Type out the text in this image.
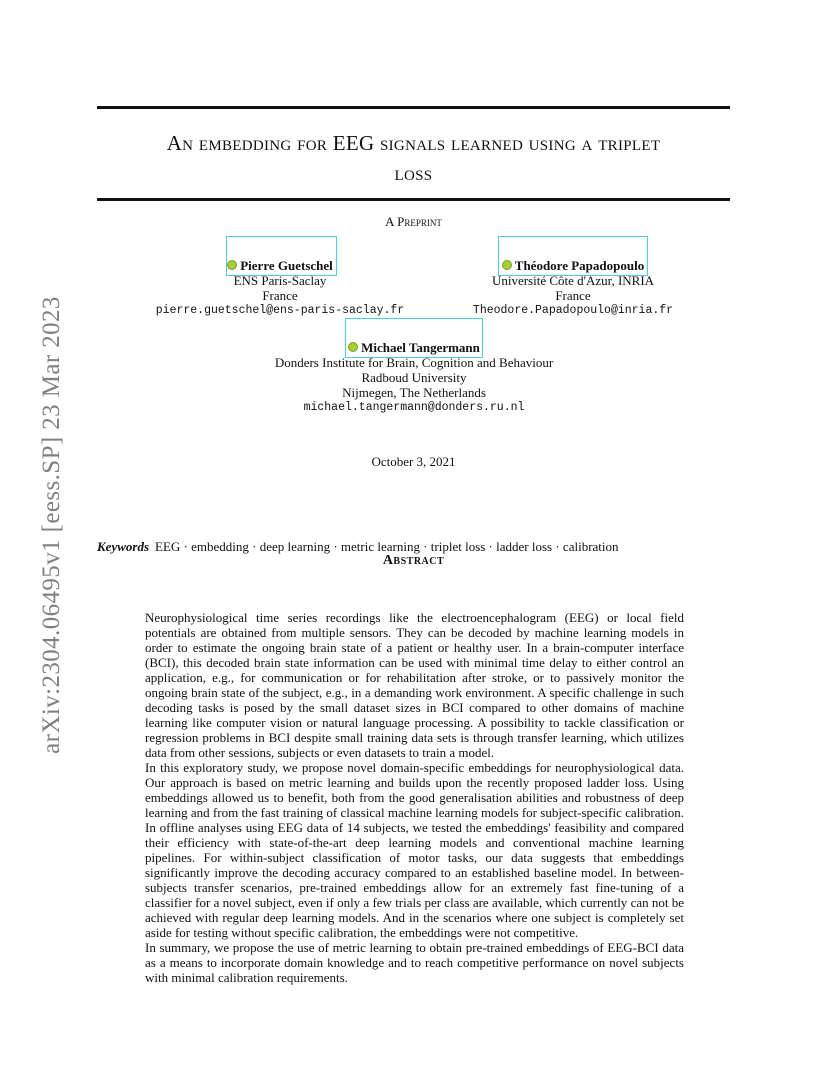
arXiv:2304.06495v1 [eess.SP] 23 Mar 2023
An embedding for EEG signals learned using a triplet
loss
A Preprint
Pierre Guetschel
ENS Paris-Saclay
France
pierre.guetschel@ens-paris-saclay.fr
Théodore Papadopoulo
Université Côte d'Azur, INRIA
France
Theodore.Papadopoulo@inria.fr
Michael Tangermann
Donders Institute for Brain, Cognition and Behaviour
Radboud University
Nijmegen, The Netherlands
michael.tangermann@donders.ru.nl
October 3, 2021
Keywords EEG · embedding · deep learning · metric learning · triplet loss · ladder loss · calibration
Abstract

Neurophysiological time series recordings like the electroencephalogram (EEG) or local field potentials are obtained from multiple sensors. They can be decoded by machine learning models in order to estimate the ongoing brain state of a patient or healthy user. In a brain-computer interface (BCI), this decoded brain state information can be used with minimal time delay to either control an application, e.g., for communication or for rehabilitation after stroke, or to passively monitor the ongoing brain state of the subject, e.g., in a demanding work environment. A specific challenge in such decoding tasks is posed by the small dataset sizes in BCI compared to other domains of machine learning like computer vision or natural language processing. A possibility to tackle classification or regression problems in BCI despite small training data sets is through transfer learning, which utilizes data from other sessions, subjects or even datasets to train a model.

In this exploratory study, we propose novel domain-specific embeddings for neurophysiological data. Our approach is based on metric learning and builds upon the recently proposed ladder loss. Using embeddings allowed us to benefit, both from the good generalisation abilities and robustness of deep learning and from the fast training of classical machine learning models for subject-specific calibration. In offline analyses using EEG data of 14 subjects, we tested the embeddings' feasibility and compared their efficiency with state-of-the-art deep learning models and conventional machine learning pipelines. For within-subject classification of motor tasks, our data suggests that embeddings significantly improve the decoding accuracy compared to an established baseline model. In between-subjects transfer scenarios, pre-trained embeddings allow for an extremely fast fine-tuning of a classifier for a novel subject, even if only a few trials per class are available, which currently can not be achieved with regular deep learning models. And in the scenarios where one subject is completely set aside for testing without specific calibration, the embeddings were not competitive.

In summary, we propose the use of metric learning to obtain pre-trained embeddings of EEG-BCI data as a means to incorporate domain knowledge and to reach competitive performance on novel subjects with minimal calibration requirements.
